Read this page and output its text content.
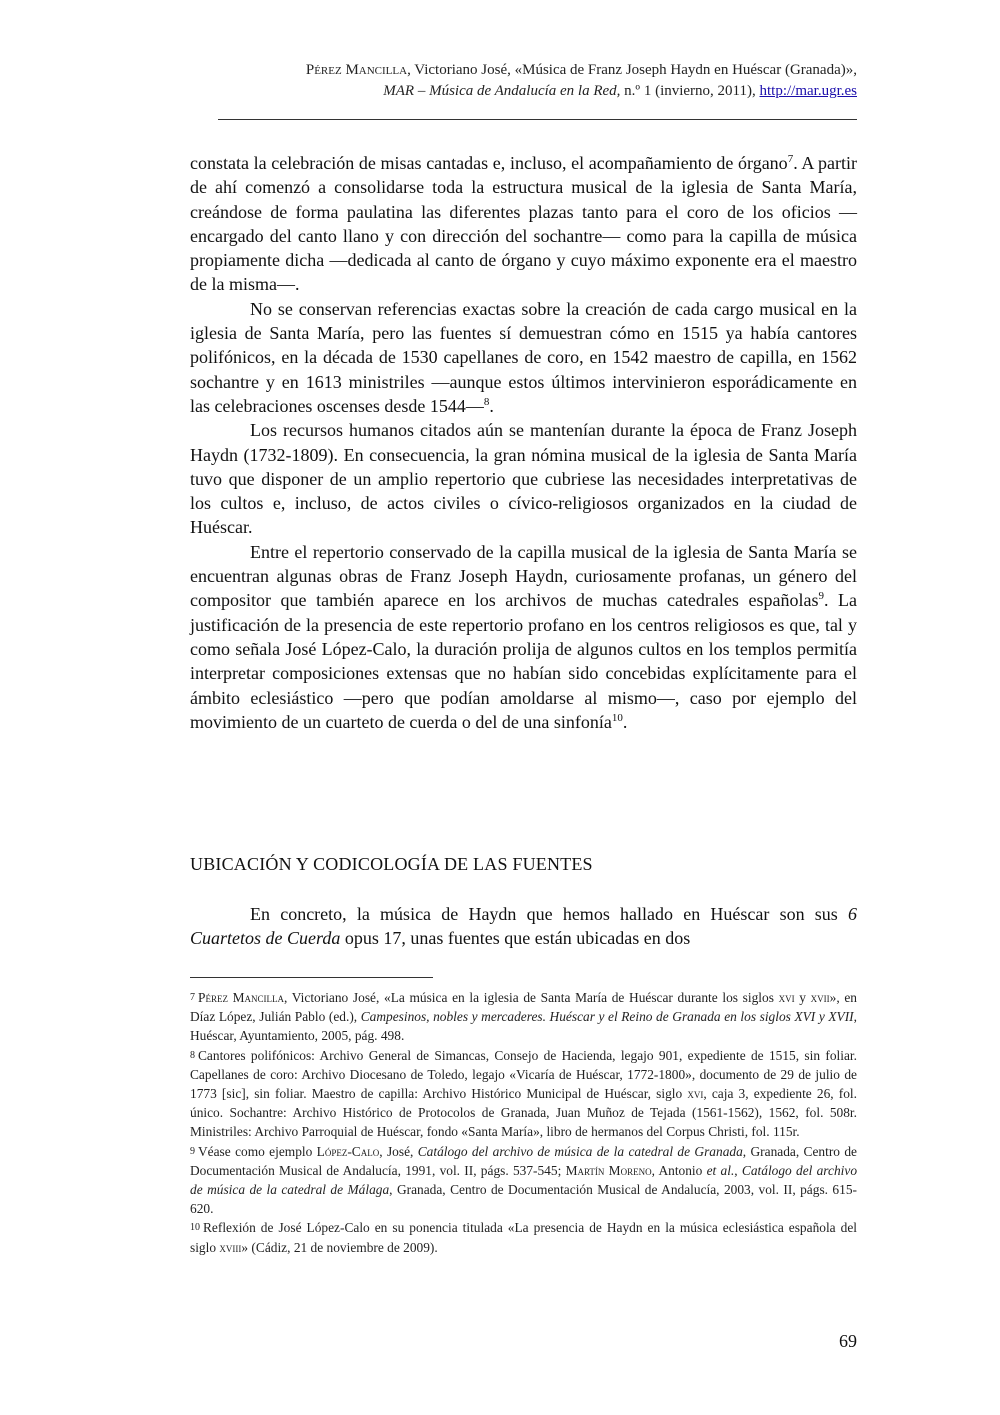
Pérez Mancilla, Victoriano José, «Música de Franz Joseph Haydn en Huéscar (Granada)»,
MAR – Música de Andalucía en la Red, n.º 1 (invierno, 2011), http://mar.ugr.es

constata la celebración de misas cantadas e, incluso, el acompañamiento de órgano$^7$. A partir de ahí comenzó a consolidarse toda la estructura musical de la iglesia de Santa María, creándose de forma paulatina las diferentes plazas tanto para el coro de los oficios —encargado del canto llano y con dirección del sochantre— como para la capilla de música propiamente dicha —dedicada al canto de órgano y cuyo máximo exponente era el maestro de la misma—.

No se conservan referencias exactas sobre la creación de cada cargo musical en la iglesia de Santa María, pero las fuentes sí demuestran cómo en 1515 ya había cantores polifónicos, en la década de 1530 capellanes de coro, en 1542 maestro de capilla, en 1562 sochantre y en 1613 ministriles —aunque estos últimos intervinieron esporádicamente en las celebraciones oscenses desde 1544—$^8$.

Los recursos humanos citados aún se mantenían durante la época de Franz Joseph Haydn (1732-1809). En consecuencia, la gran nómina musical de la iglesia de Santa María tuvo que disponer de un amplio repertorio que cubriese las necesidades interpretativas de los cultos e, incluso, de actos civiles o cívico-religiosos organizados en la ciudad de Huéscar.

Entre el repertorio conservado de la capilla musical de la iglesia de Santa María se encuentran algunas obras de Franz Joseph Haydn, curiosamente profanas, un género del compositor que también aparece en los archivos de muchas catedrales españolas$^9$. La justificación de la presencia de este repertorio profano en los centros religiosos es que, tal y como señala José López-Calo, la duración prolija de algunos cultos en los templos permitía interpretar composiciones extensas que no habían sido concebidas explícitamente para el ámbito eclesiástico —pero que podían amoldarse al mismo—, caso por ejemplo del movimiento de un cuarteto de cuerda o del de una sinfonía$^{10}$.

UBICACIÓN Y CODICOLOGÍA DE LAS FUENTES

En concreto, la música de Haydn que hemos hallado en Huéscar son sus 6 Cuartetos de Cuerda opus 17, unas fuentes que están ubicadas en dos

$^7$ Pérez Mancilla, Victoriano José, «La música en la iglesia de Santa María de Huéscar durante los siglos xvi y xvii», en Díaz López, Julián Pablo (ed.), Campesinos, nobles y mercaderes. Huéscar y el Reino de Granada en los siglos XVI y XVII, Huéscar, Ayuntamiento, 2005, pág. 498.

$^8$ Cantores polifónicos: Archivo General de Simancas, Consejo de Hacienda, legajo 901, expediente de 1515, sin foliar. Capellanes de coro: Archivo Diocesano de Toledo, legajo «Vicaría de Huéscar, 1772-1800», documento de 29 de julio de 1773 [sic], sin foliar. Maestro de capilla: Archivo Histórico Municipal de Huéscar, siglo xvi, caja 3, expediente 26, fol. único. Sochantre: Archivo Histórico de Protocolos de Granada, Juan Muñoz de Tejada (1561-1562), 1562, fol. 508r. Ministriles: Archivo Parroquial de Huéscar, fondo «Santa María», libro de hermanos del Corpus Christi, fol. 115r.

$^9$ Véase como ejemplo López-Calo, José, Catálogo del archivo de música de la catedral de Granada, Granada, Centro de Documentación Musical de Andalucía, 1991, vol. II, págs. 537-545; Martín Moreno, Antonio et al., Catálogo del archivo de música de la catedral de Málaga, Granada, Centro de Documentación Musical de Andalucía, 2003, vol. II, págs. 615-620.

$^{10}$ Reflexión de José López-Calo en su ponencia titulada «La presencia de Haydn en la música eclesiástica española del siglo xviii» (Cádiz, 21 de noviembre de 2009).

69
